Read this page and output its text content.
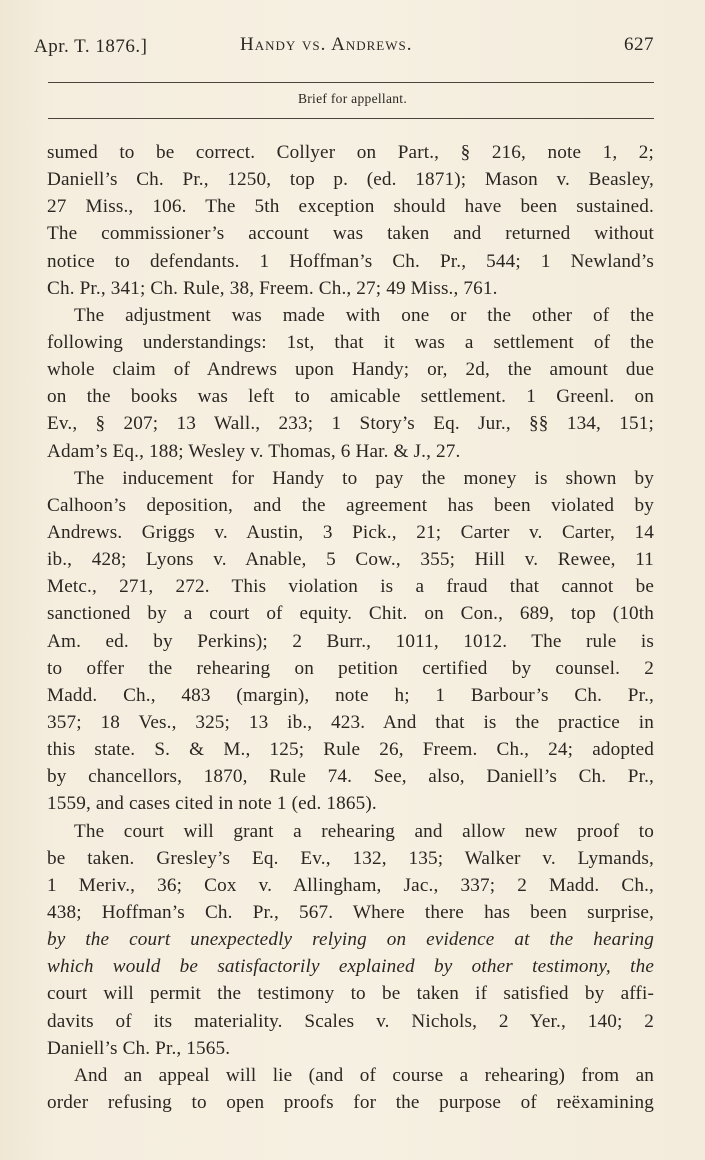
Apr. T. 1876.]	Handy vs. Andrews.	627
Brief for appellant.
sumed to be correct. Collyer on Part., § 216, note 1, 2;
Daniell’s Ch. Pr., 1250, top p. (ed. 1871); Mason v. Beasley,
27 Miss., 106. The 5th exception should have been sustained.
The commissioner’s account was taken and returned without
notice to defendants. 1 Hoffman’s Ch. Pr., 544; 1 Newland’s
Ch. Pr., 341; Ch. Rule, 38, Freem. Ch., 27; 49 Miss., 761.
The adjustment was made with one or the other of the
following understandings: 1st, that it was a settlement of the
whole claim of Andrews upon Handy; or, 2d, the amount due
on the books was left to amicable settlement. 1 Greenl. on
Ev., § 207; 13 Wall., 233; 1 Story’s Eq. Jur., §§ 134, 151;
Adam’s Eq., 188; Wesley v. Thomas, 6 Har. & J., 27.
The inducement for Handy to pay the money is shown by
Calhoon’s deposition, and the agreement has been violated by
Andrews. Griggs v. Austin, 3 Pick., 21; Carter v. Carter, 14
ib., 428; Lyons v. Anable, 5 Cow., 355; Hill v. Rewee, 11
Metc., 271, 272. This violation is a fraud that cannot be
sanctioned by a court of equity. Chit. on Con., 689, top (10th
Am. ed. by Perkins); 2 Burr., 1011, 1012. The rule is
to offer the rehearing on petition certified by counsel. 2
Madd. Ch., 483 (margin), note h; 1 Barbour’s Ch. Pr.,
357; 18 Ves., 325; 13 ib., 423. And that is the practice in
this state. S. & M., 125; Rule 26, Freem. Ch., 24; adopted
by chancellors, 1870, Rule 74. See, also, Daniell’s Ch. Pr.,
1559, and cases cited in note 1 (ed. 1865).
The court will grant a rehearing and allow new proof to
be taken. Gresley’s Eq. Ev., 132, 135; Walker v. Lymands,
1 Meriv., 36; Cox v. Allingham, Jac., 337; 2 Madd. Ch.,
438; Hoffman’s Ch. Pr., 567. Where there has been surprise,
by the court unexpectedly relying on evidence at the hearing
which would be satisfactorily explained by other testimony, the
court will permit the testimony to be taken if satisfied by affi-
davits of its materiality. Scales v. Nichols, 2 Yer., 140; 2
Daniell’s Ch. Pr., 1565.
And an appeal will lie (and of course a rehearing) from an
order refusing to open proofs for the purpose of reëxamining
